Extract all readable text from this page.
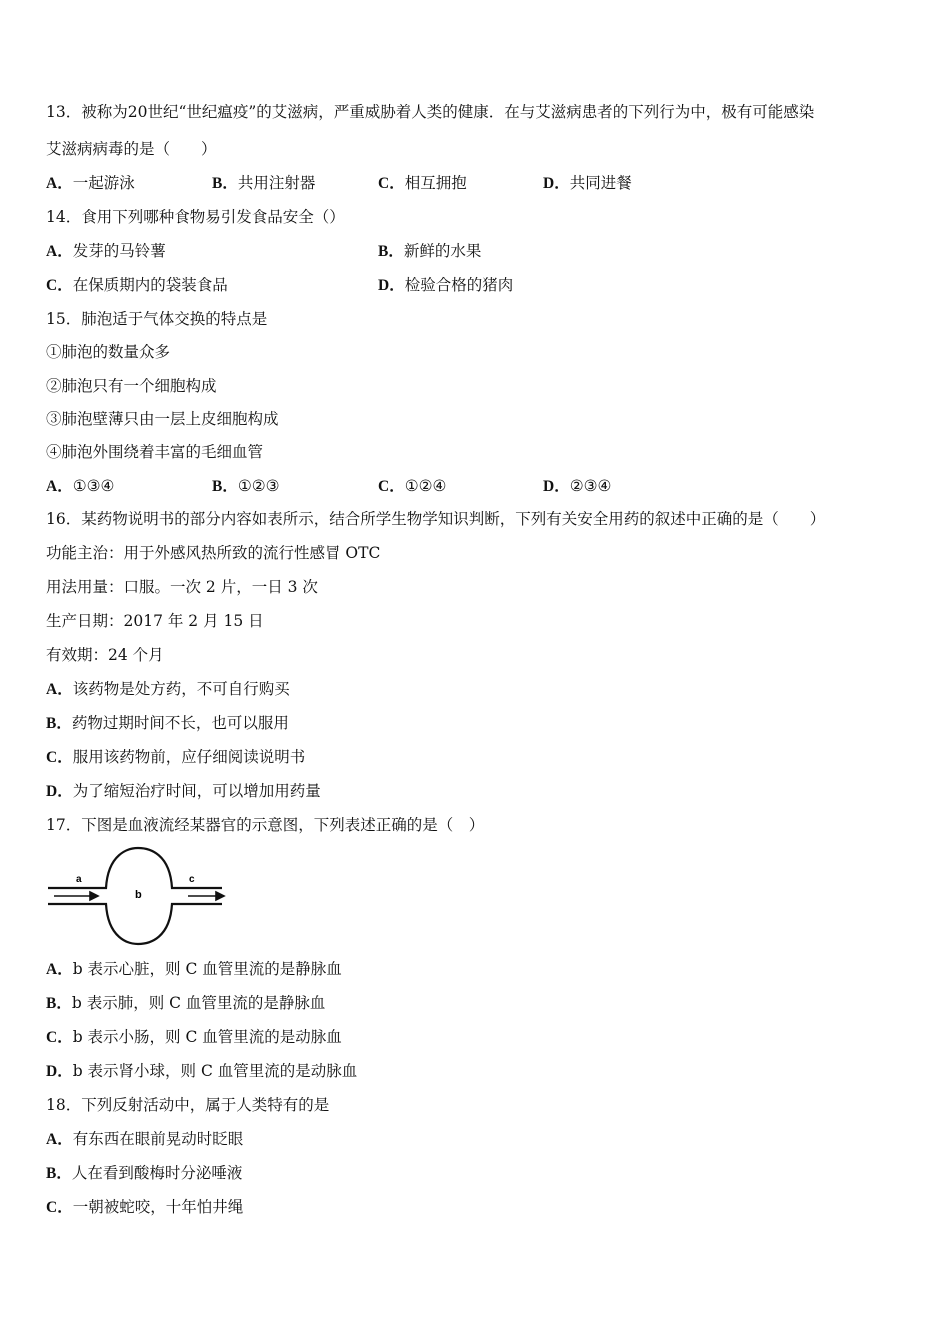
13．被称为20世纪“世纪瘟疫”的艾滋病，严重威胁着人类的健康．在与艾滋病患者的下列行为中，极有可能感染
艾滋病病毒的是（　　）
A．一起游泳	B．共用注射器	C．相互拥抱	D．共同进餐
14．食用下列哪种食物易引发食品安全（）
A．发芽的马铃薯	B．新鲜的水果
C．在保质期内的袋装食品	D．检验合格的猪肉
15．肺泡适于气体交换的特点是
①肺泡的数量众多
②肺泡只有一个细胞构成
③肺泡壁薄只由一层上皮细胞构成
④肺泡外围绕着丰富的毛细血管
A．①③④	B．①②③	C．①②④	D．②③④
16．某药物说明书的部分内容如表所示，结合所学生物学知识判断，下列有关安全用药的叙述中正确的是（　　）
功能主治：用于外感风热所致的流行性感冒 OTC
用法用量：口服。一次 2 片，一日 3 次
生产日期：2017 年 2 月 15 日
有效期：24 个月
A．该药物是处方药，不可自行购买
B．药物过期时间不长，也可以服用
C．服用该药物前，应仔细阅读说明书
D．为了缩短治疗时间，可以增加用药量
17．下图是血液流经某器官的示意图，下列表述正确的是（　）
a
b
c
A．b 表示心脏，则 C 血管里流的是静脉血
B．b 表示肺，则 C 血管里流的是静脉血
C．b 表示小肠，则 C 血管里流的是动脉血
D．b 表示肾小球，则 C 血管里流的是动脉血
18．下列反射活动中，属于人类特有的是
A．有东西在眼前晃动时眨眼
B．人在看到酸梅时分泌唾液
C．一朝被蛇咬，十年怕井绳
